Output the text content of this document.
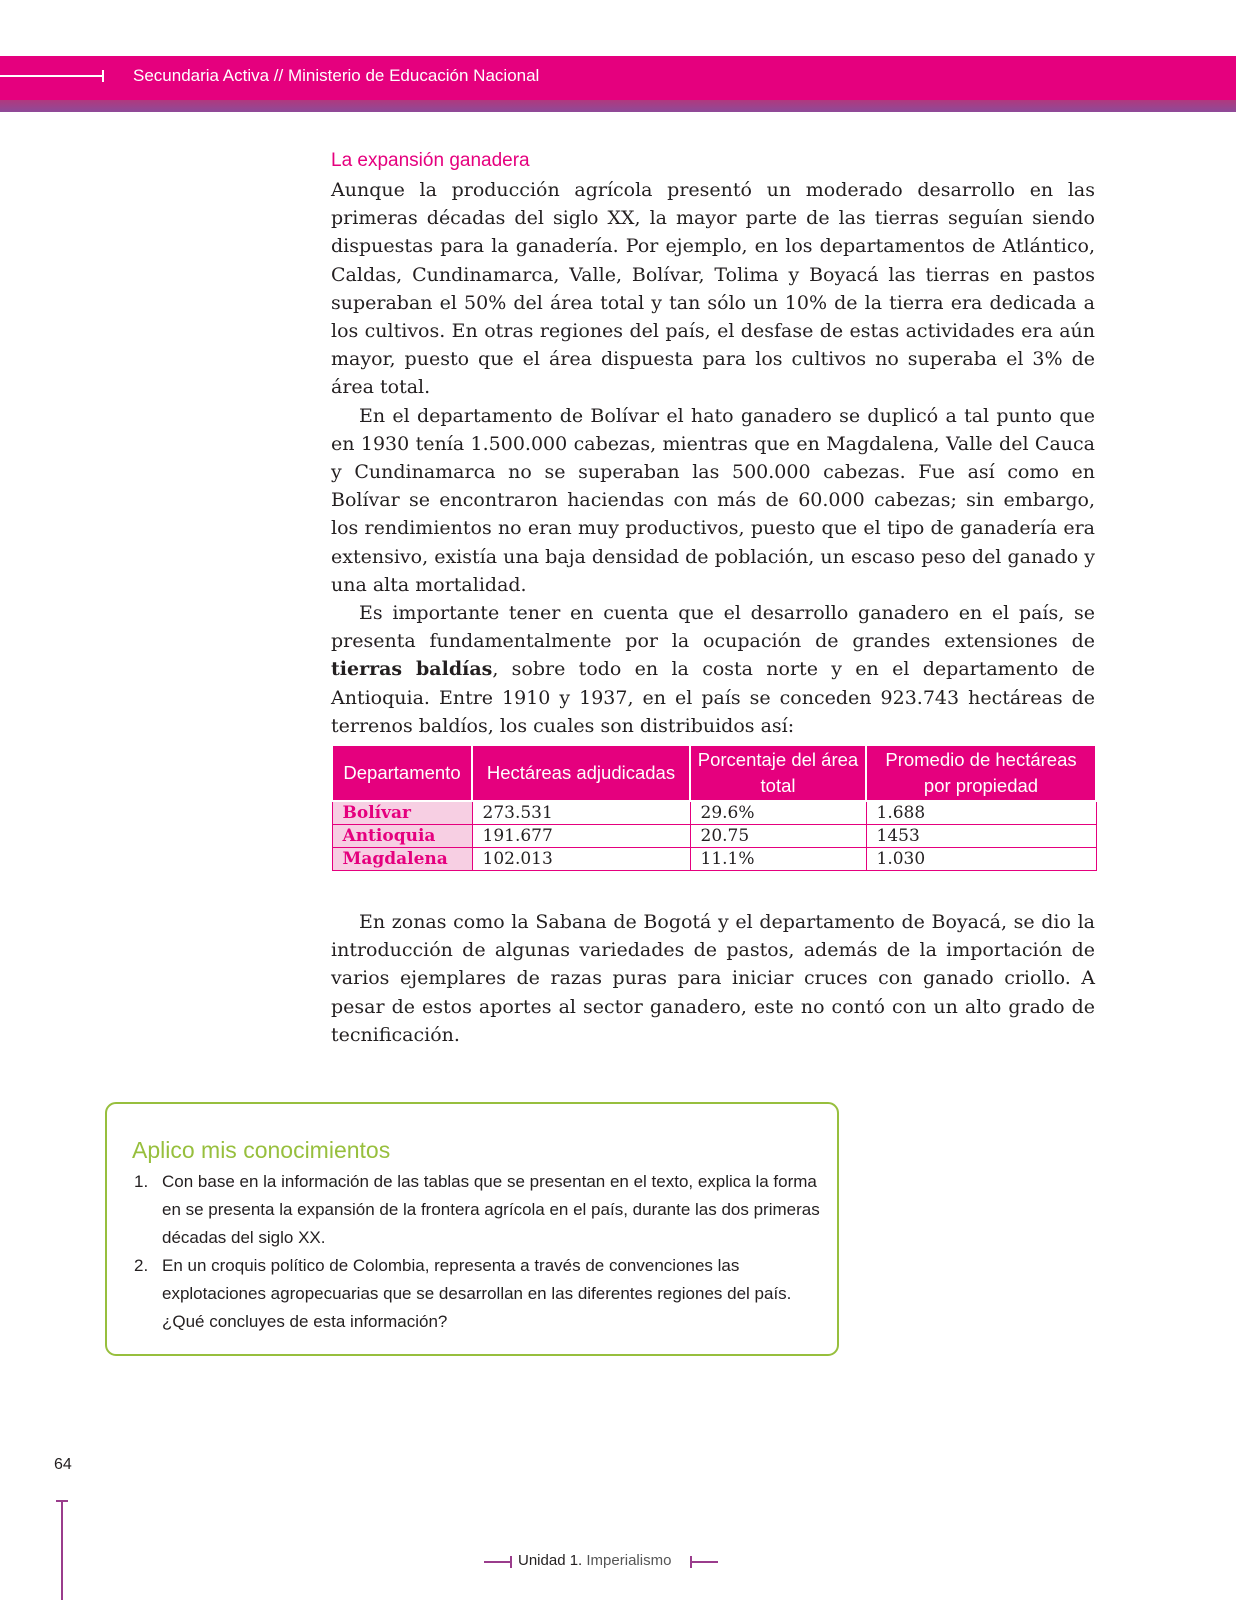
Secundaria Activa // Ministerio de Educación Nacional
La expansión ganadera

Aunque la producción agrícola presentó un moderado desarrollo en las primeras décadas del siglo XX, la mayor parte de las tierras seguían siendo dispuestas para la ganadería. Por ejemplo, en los departamentos de Atlántico, Caldas, Cundinamarca, Valle, Bolívar, Tolima y Boyacá las tierras en pastos superaban el 50% del área total y tan sólo un 10% de la tierra era dedicada a los cultivos. En otras regiones del país, el desfase de estas actividades era aún mayor, puesto que el área dispuesta para los cultivos no superaba el 3% de área total.

En el departamento de Bolívar el hato ganadero se duplicó a tal punto que en 1930 tenía 1.500.000 cabezas, mientras que en Magdalena, Valle del Cauca y Cundinamarca no se superaban las 500.000 cabezas. Fue así como en Bolívar se encontraron haciendas con más de 60.000 cabezas; sin embargo, los rendimientos no eran muy productivos, puesto que el tipo de ganadería era extensivo, existía una baja densidad de población, un escaso peso del ganado y una alta mortalidad.

Es importante tener en cuenta que el desarrollo ganadero en el país, se presenta fundamentalmente por la ocupación de grandes extensiones de tierras baldías, sobre todo en la costa norte y en el departamento de Antioquia. Entre 1910 y 1937, en el país se conceden 923.743 hectáreas de terrenos baldíos, los cuales son distribuidos así:

Departamento	Hectáreas adjudicadas	Porcentaje del área total	Promedio de hectáreas por propiedad
Bolívar	273.531	29.6%	1.688
Antioquia	191.677	20.75	1453
Magdalena	102.013	11.1%	1.030

En zonas como la Sabana de Bogotá y el departamento de Boyacá, se dio la introducción de algunas variedades de pastos, además de la importación de varios ejemplares de razas puras para iniciar cruces con ganado criollo. A pesar de estos aportes al sector ganadero, este no contó con un alto grado de tecnificación.

Aplico mis conocimientos
1. Con base en la información de las tablas que se presentan en el texto, explica la forma en se presenta la expansión de la frontera agrícola en el país, durante las dos primeras décadas del siglo XX.
2. En un croquis político de Colombia, representa a través de convenciones las explotaciones agropecuarias que se desarrollan en las diferentes regiones del país. ¿Qué concluyes de esta información?
64
Unidad 1. Imperialismo
